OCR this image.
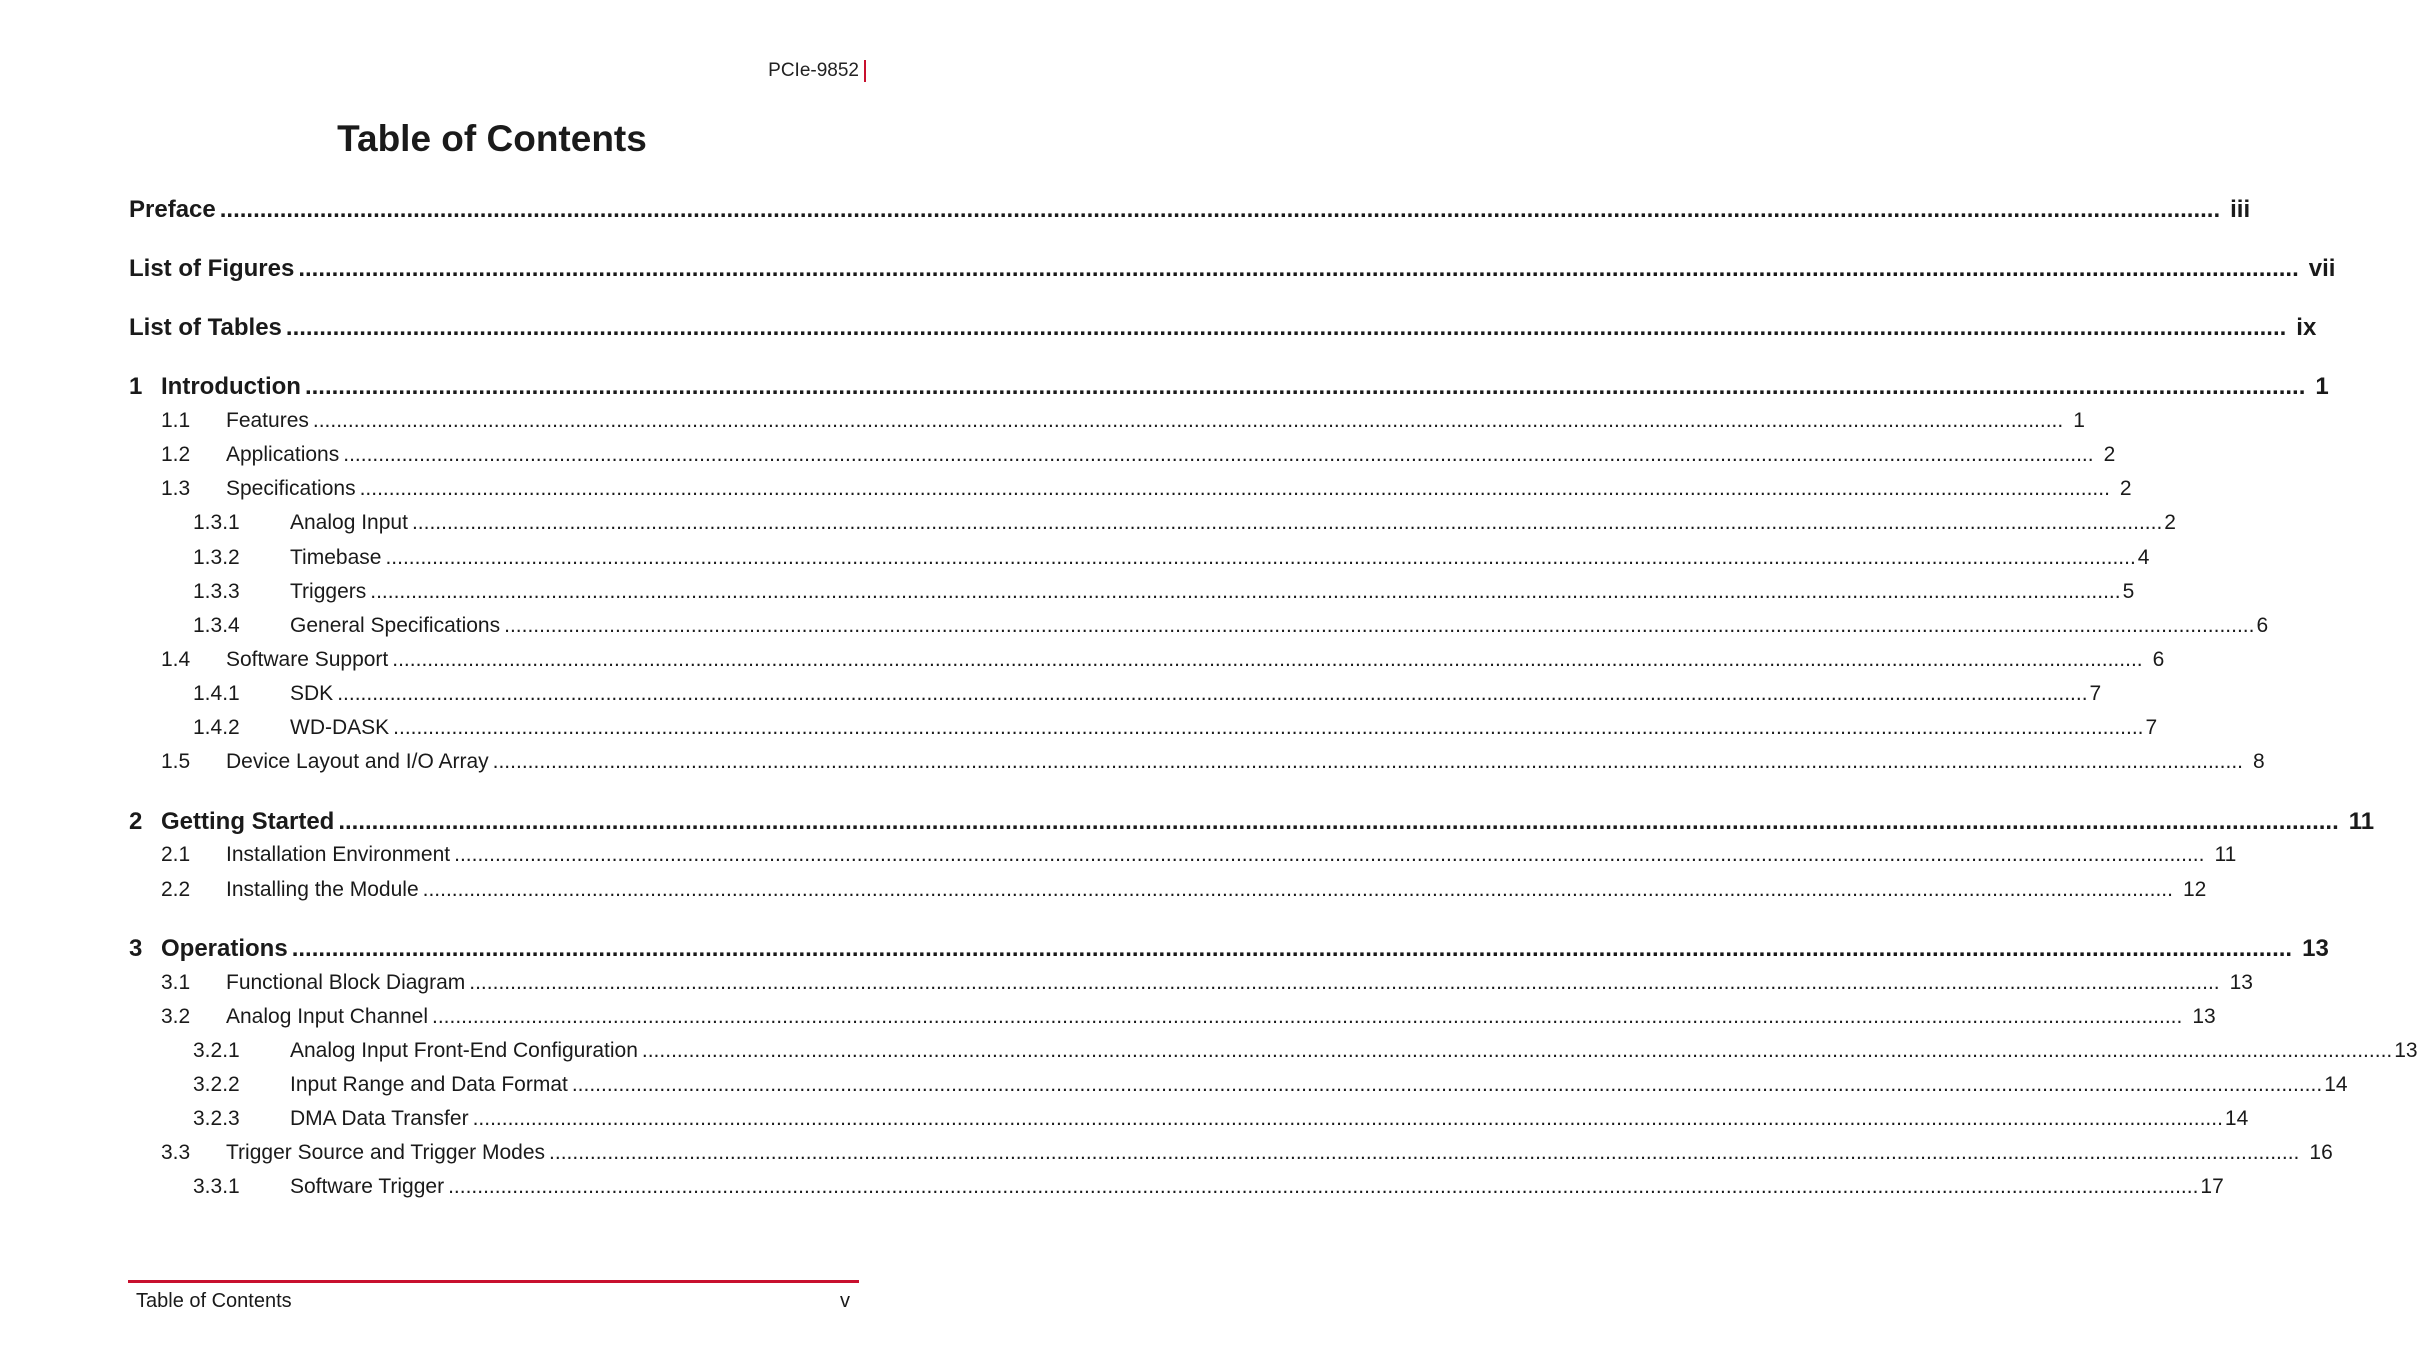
PCIe-9852
Table of Contents
Preface ............................................................................................................................................................................................................................................................................................................ iii
List of Figures ............................................................................................................................................................................................................................................................................................................ vii
List of Tables ............................................................................................................................................................................................................................................................................................................ ix
1 Introduction ............................................................................................................................................................................................................................................................................................................ 1
1.1 Features ............................................................................................................................................................................................................................................................................................................ 1
1.2 Applications ............................................................................................................................................................................................................................................................................................................ 2
1.3 Specifications ............................................................................................................................................................................................................................................................................................................ 2
1.3.1 Analog Input ............................................................................................................................................................................................................................................................................................................ 2
1.3.2 Timebase ............................................................................................................................................................................................................................................................................................................ 4
1.3.3 Triggers ............................................................................................................................................................................................................................................................................................................ 5
1.3.4 General Specifications ............................................................................................................................................................................................................................................................................................................ 6
1.4 Software Support ............................................................................................................................................................................................................................................................................................................ 6
1.4.1 SDK ............................................................................................................................................................................................................................................................................................................ 7
1.4.2 WD-DASK ............................................................................................................................................................................................................................................................................................................ 7
1.5 Device Layout and I/O Array ............................................................................................................................................................................................................................................................................................................ 8
2 Getting Started ............................................................................................................................................................................................................................................................................................................ 11
2.1 Installation Environment ............................................................................................................................................................................................................................................................................................................ 11
2.2 Installing the Module ............................................................................................................................................................................................................................................................................................................ 12
3 Operations ............................................................................................................................................................................................................................................................................................................ 13
3.1 Functional Block Diagram ............................................................................................................................................................................................................................................................................................................ 13
3.2 Analog Input Channel ............................................................................................................................................................................................................................................................................................................ 13
3.2.1 Analog Input Front-End Configuration ............................................................................................................................................................................................................................................................................................................ 13
3.2.2 Input Range and Data Format ............................................................................................................................................................................................................................................................................................................ 14
3.2.3 DMA Data Transfer ............................................................................................................................................................................................................................................................................................................ 14
3.3 Trigger Source and Trigger Modes ............................................................................................................................................................................................................................................................................................................ 16
3.3.1 Software Trigger ............................................................................................................................................................................................................................................................................................................ 17
Table of Contents	v
